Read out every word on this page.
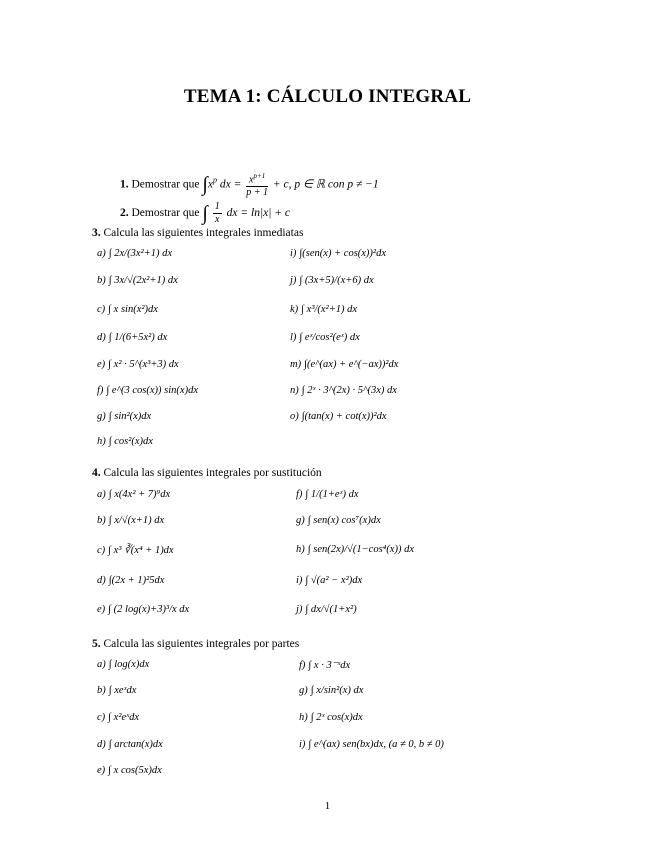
TEMA 1: CÁLCULO INTEGRAL
1. Demostrar que $\int x^p$ dx = $\frac{x^{p+1}}{p + 1} + c$, p ∈ ℝ con p ≠ −1
2. Demostrar que ∫ $\frac{1}{x}$ dx = ln|x| + c
3. Calcula las siguientes integrales inmediatas
a) ∫ 2x/(3x²+1) dx
b) ∫ 3x/√(2x²+1) dx
c) ∫ x sin(x²)dx
d) ∫ 1/(6+5x²) dx
e) ∫ x² · 5^(x³+3) dx
f) ∫ e^(3 cos(x)) sin(x)dx
g) ∫ sin²(x)dx
h) ∫ cos²(x)dx
i) ∫(sen(x) + cos(x))²dx
j) ∫ (3x+5)/(x+6) dx
k) ∫ x³/(x²+1) dx
l) ∫ eˣ/cos²(eˣ) dx
m) ∫(e^(ax) + e^(−ax))²dx
n) ∫ 2ˣ · 3^(2x) · 5^(3x) dx
o) ∫(tan(x) + cot(x))²dx
4. Calcula las siguientes integrales por sustitución
a) ∫ x(4x² + 7)⁹dx
b) ∫ x/√(x+1) dx
c) ∫ x³ ∛(x⁴ + 1)dx
d) ∫(2x + 1)²5dx
e) ∫ (2 log(x)+3)³/x dx
f) ∫ 1/(1+eˣ) dx
g) ∫ sen(x) cos⁷(x)dx
h) ∫ sen(2x)/√(1−cos⁴(x)) dx
i) ∫ √(a² − x²)dx
j) ∫ dx/√(1+x²)
5. Calcula las siguientes integrales por partes
a) ∫ log(x)dx
b) ∫ xeˣdx
c) ∫ x²eˣdx
d) ∫ arctan(x)dx
e) ∫ x cos(5x)dx
f) ∫ x · 3⁻ˣdx
g) ∫ x/sin²(x) dx
h) ∫ 2ˣ cos(x)dx
i) ∫ e^(ax) sen(bx)dx, (a ≠ 0, b ≠ 0)
1
